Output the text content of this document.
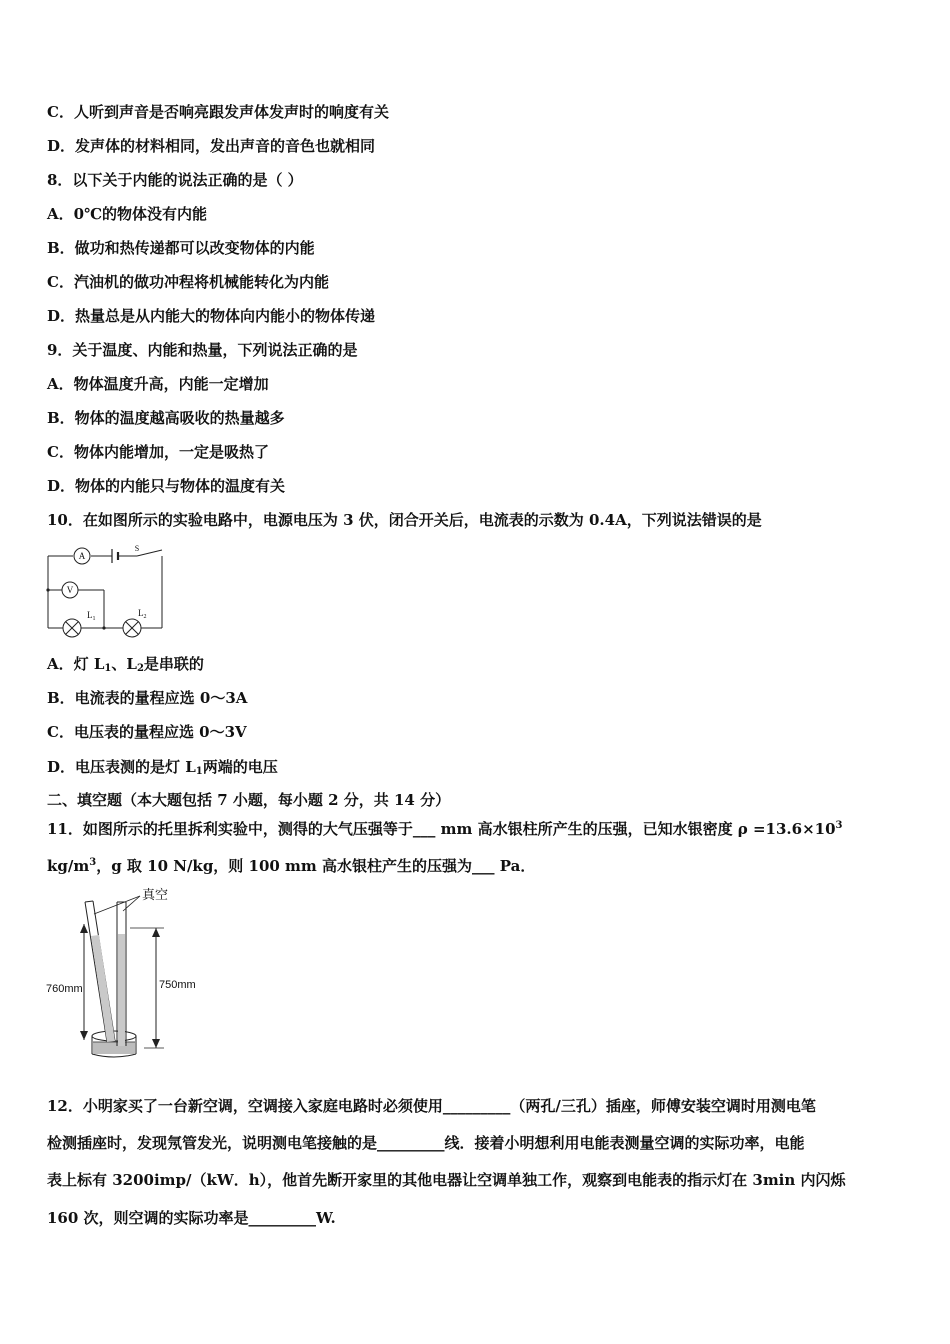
C．人听到声音是否响亮跟发声体发声时的响度有关
D．发声体的材料相同，发出声音的音色也就相同
8．以下关于内能的说法正确的是（ ）
A．0℃的物体没有内能
B．做功和热传递都可以改变物体的内能
C．汽油机的做功冲程将机械能转化为内能
D．热量总是从内能大的物体向内能小的物体传递
9．关于温度、内能和热量，下列说法正确的是
A．物体温度升高，内能一定增加
B．物体的温度越高吸收的热量越多
C．物体内能增加，一定是吸热了
D．物体的内能只与物体的温度有关
10．在如图所示的实验电路中，电源电压为 3 伏，闭合开关后，电流表的示数为 0.4A，下列说法错误的是
A
V
S
$L_1$
$L_2$
A．灯 $L_1$、$L_2$是串联的
B．电流表的量程应选 0～3A
C．电压表的量程应选 0～3V
D．电压表测的是灯 $L_1$两端的电压
二、填空题（本大题包括 7 小题，每小题 2 分，共 14 分）
11．如图所示的托里拆利实验中，测得的大气压强等于___ mm 高水银柱所产生的压强，已知水银密度 $\rho =13.6\times 10^3$
$kg/m^3$，g 取 10 N/kg，则 100 mm 高水银柱产生的压强为___ Pa．
真空
760mm	750mm
12．小明家买了一台新空调，空调接入家庭电路时必须使用_________（两孔/三孔）插座，师傅安装空调时用测电笔
检测插座时，发现氖管发光，说明测电笔接触的是_________线．接着小明想利用电能表测量空调的实际功率，电能
表上标有 3200imp/（kW．h），他首先断开家里的其他电器让空调单独工作，观察到电能表的指示灯在 3min 内闪烁
160 次，则空调的实际功率是_________W.
